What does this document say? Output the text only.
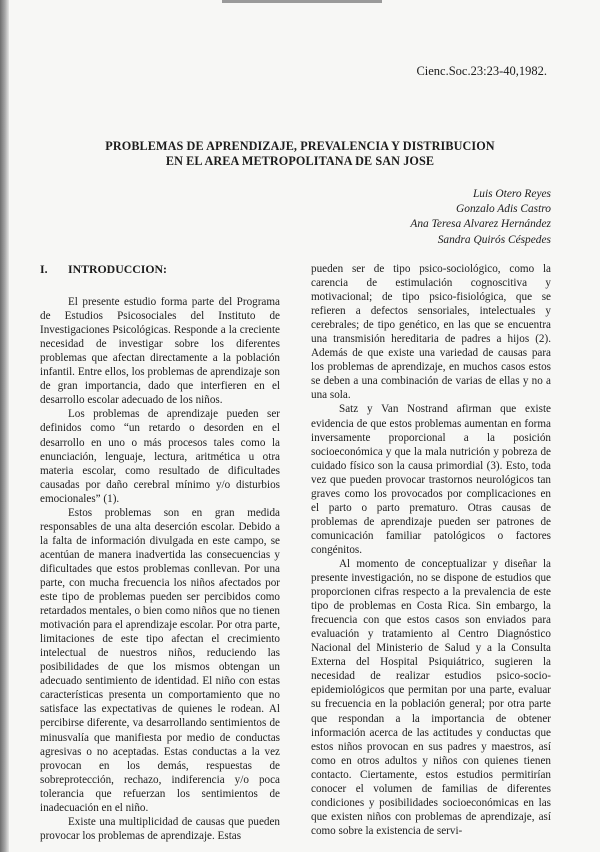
Cienc.Soc.23:23-40,1982.
PROBLEMAS DE APRENDIZAJE, PREVALENCIA Y DISTRIBUCION
EN EL AREA METROPOLITANA DE SAN JOSE
Luis Otero Reyes
Gonzalo Adis Castro
Ana Teresa Alvarez Hernández
Sandra Quirós Céspedes
I.	INTRODUCCION:

El presente estudio forma parte del Programa de Estudios Psicosociales del Instituto de Investigaciones Psicológicas. Responde a la creciente necesidad de investigar sobre los diferentes problemas que afectan directamente a la población infantil. Entre ellos, los problemas de aprendizaje son de gran importancia, dado que interfieren en el desarrollo escolar adecuado de los niños.

Los problemas de aprendizaje pueden ser definidos como “un retardo o desorden en el desarrollo en uno o más procesos tales como la enunciación, lenguaje, lectura, aritmética u otra materia escolar, como resultado de dificultades causadas por daño cerebral mínimo y/o disturbios emocionales” (1).

Estos problemas son en gran medida responsables de una alta deserción escolar. Debido a la falta de información divulgada en este campo, se acentúan de manera inadvertida las consecuencias y dificultades que estos problemas conllevan. Por una parte, con mucha frecuencia los niños afectados por este tipo de problemas pueden ser percibidos como retardados mentales, o bien como niños que no tienen motivación para el aprendizaje escolar. Por otra parte, limitaciones de este tipo afectan el crecimiento intelectual de nuestros niños, reduciendo las posibilidades de que los mismos obtengan un adecuado sentimiento de identidad. El niño con estas características presenta un comportamiento que no satisface las expectativas de quienes le rodean. Al percibirse diferente, va desarrollando sentimientos de minusvalía que manifiesta por medio de conductas agresivas o no aceptadas. Estas conductas a la vez provocan en los demás, respuestas de sobreprotección, rechazo, indiferencia y/o poca tolerancia que refuerzan los sentimientos de inadecuación en el niño.

Existe una multiplicidad de causas que pueden provocar los problemas de aprendizaje. Estas

pueden ser de tipo psico-sociológico, como la carencia de estimulación cognoscitiva y motivacional; de tipo psico-fisiológica, que se refieren a defectos sensoriales, intelectuales y cerebrales; de tipo genético, en las que se encuentra una transmisión hereditaria de padres a hijos (2). Además de que existe una variedad de causas para los problemas de aprendizaje, en muchos casos estos se deben a una combinación de varias de ellas y no a una sola.

Satz y Van Nostrand afirman que existe evidencia de que estos problemas aumentan en forma inversamente proporcional a la posición socioeconómica y que la mala nutrición y pobreza de cuidado físico son la causa primordial (3). Esto, toda vez que pueden provocar trastornos neurológicos tan graves como los provocados por complicaciones en el parto o parto prematuro. Otras causas de problemas de aprendizaje pueden ser patrones de comunicación familiar patológicos o factores congénitos.

Al momento de conceptualizar y diseñar la presente investigación, no se dispone de estudios que proporcionen cifras respecto a la prevalencia de este tipo de problemas en Costa Rica. Sin embargo, la frecuencia con que estos casos son enviados para evaluación y tratamiento al Centro Diagnóstico Nacional del Ministerio de Salud y a la Consulta Externa del Hospital Psiquiátrico, sugieren la necesidad de realizar estudios psico-socio-epidemiológicos que permitan por una parte, evaluar su frecuencia en la población general; por otra parte que respondan a la importancia de obtener información acerca de las actitudes y conductas que estos niños provocan en sus padres y maestros, así como en otros adultos y niños con quienes tienen contacto. Ciertamente, estos estudios permitirían conocer el volumen de familias de diferentes condiciones y posibilidades socioeconómicas en las que existen niños con problemas de aprendizaje, así como sobre la existencia de servi-
